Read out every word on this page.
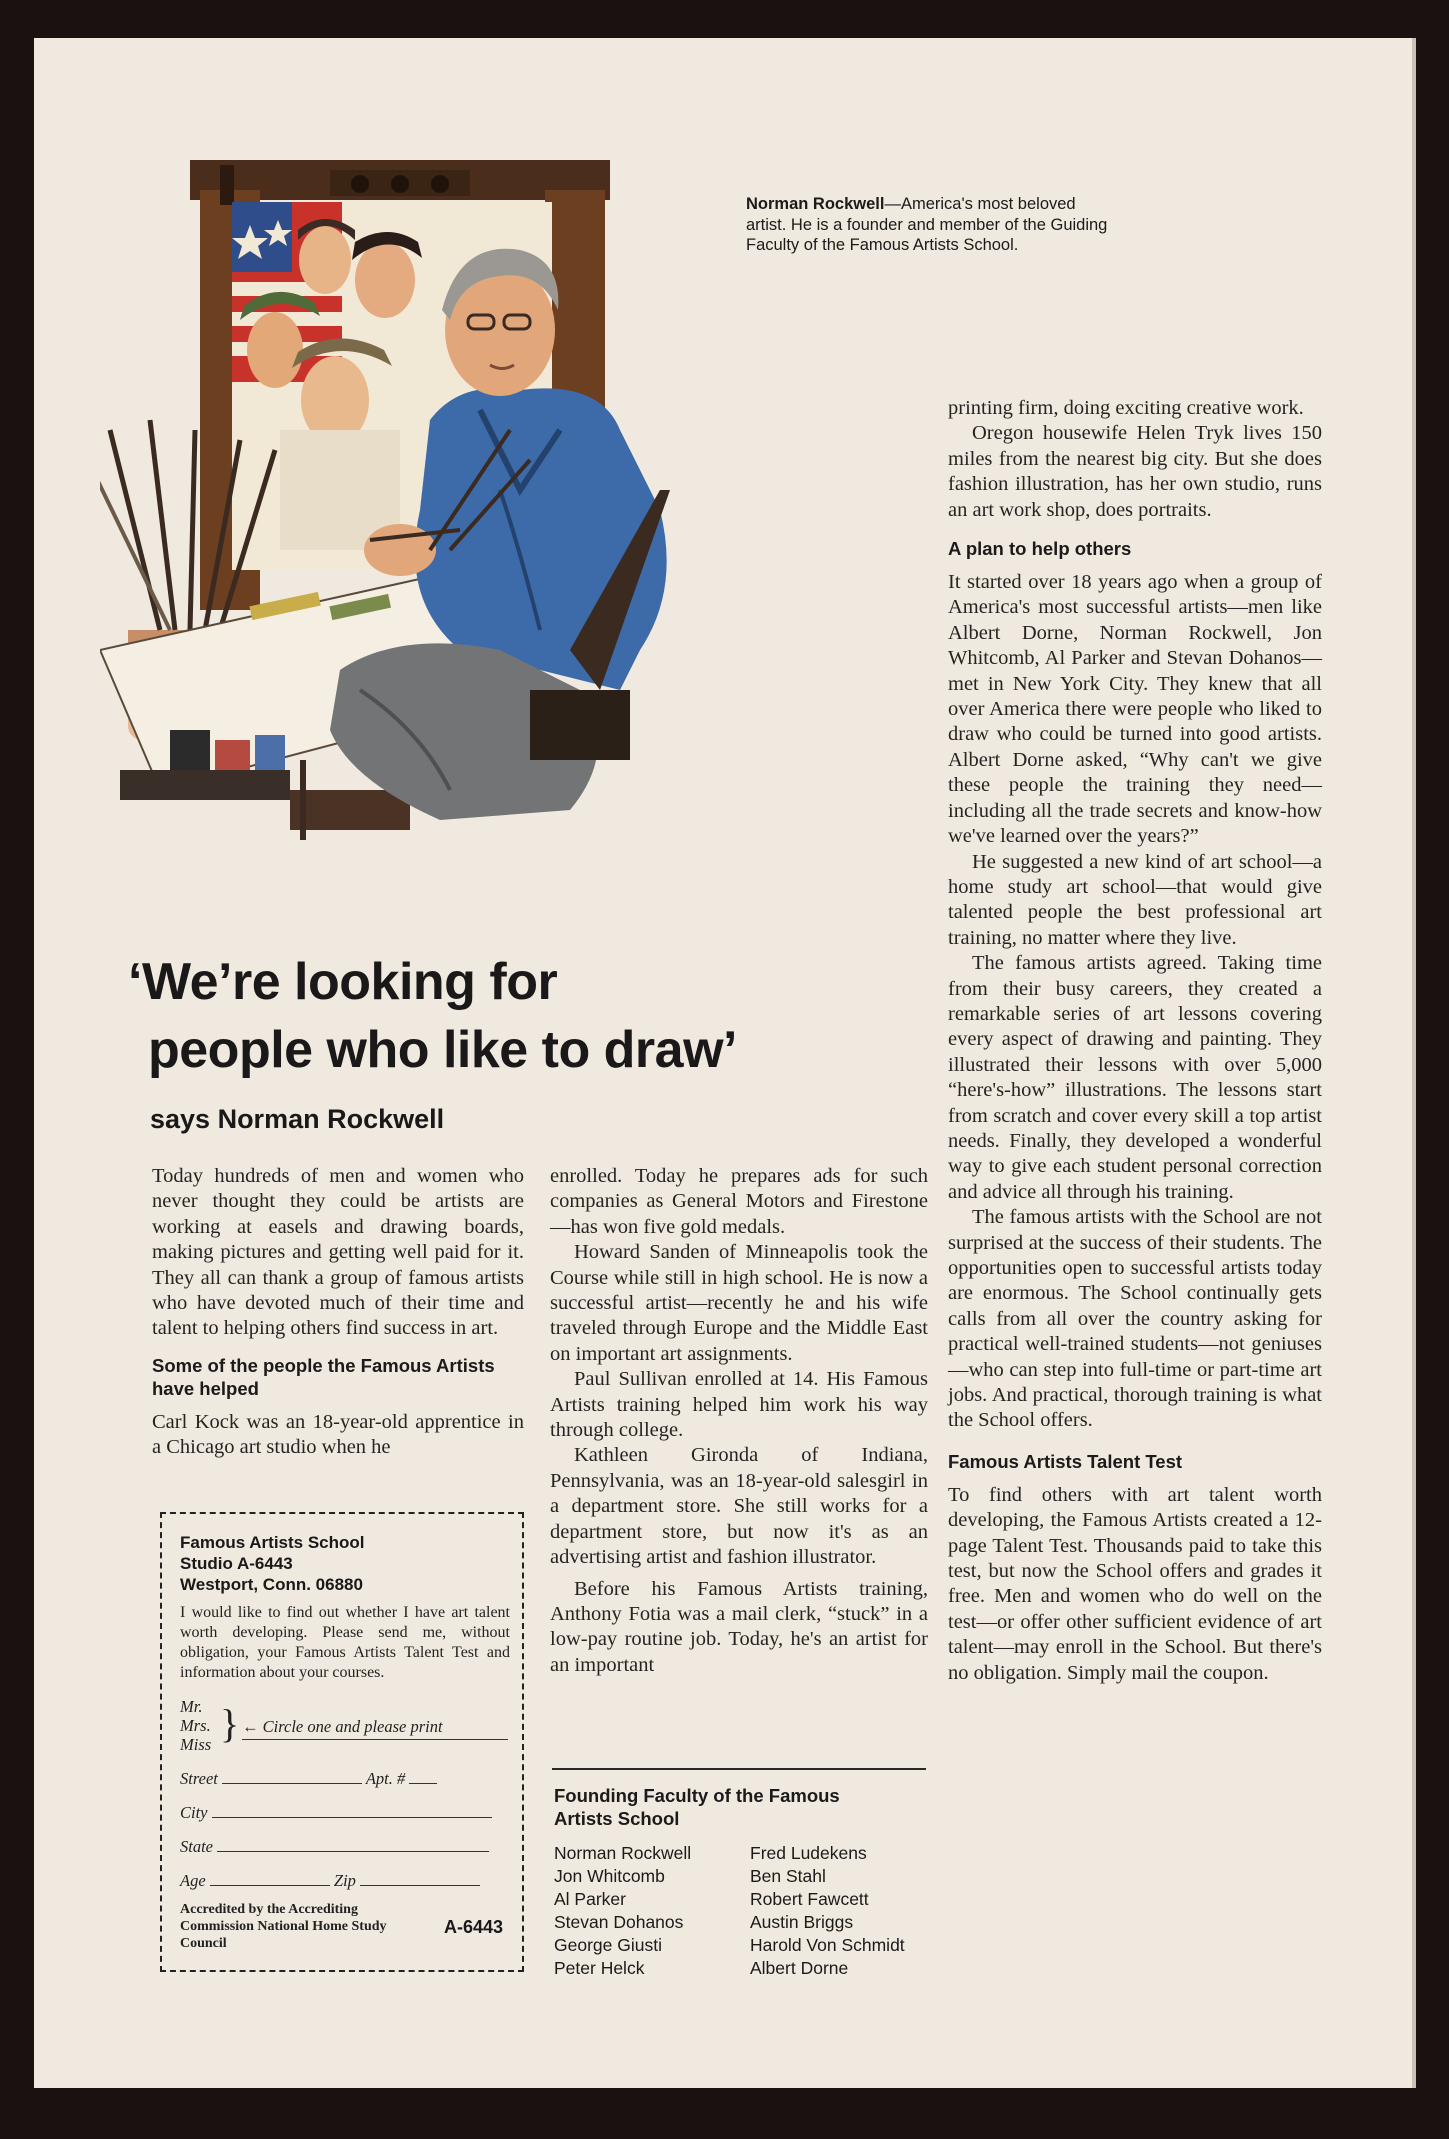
Norman Rockwell—America's most beloved artist. He is a founder and member of the Guiding Faculty of the Famous Artists School.
‘We’re looking for
people who like to draw’
says Norman Rockwell

Today hundreds of men and women who never thought they could be artists are working at easels and drawing boards, making pictures and getting well paid for it. They all can thank a group of famous artists who have devoted much of their time and talent to helping others find success in art.

Some of the people the Famous Artists have helped

Carl Kock was an 18-year-old apprentice in a Chicago art studio when he

Famous Artists School
Studio A-6443
Westport, Conn. 06880
I would like to find out whether I have art talent worth developing. Please send me, without obligation, your Famous Artists Talent Test and information about your courses.
Mr.
Mrs.
Miss } ← Circle one and please print
Street	Apt. #
City
State
Age	Zip
Accredited by the Accrediting Commission National Home Study Council
A-6443

enrolled. Today he prepares ads for such companies as General Motors and Firestone—has won five gold medals.

Howard Sanden of Minneapolis took the Course while still in high school. He is now a successful artist—recently he and his wife traveled through Europe and the Middle East on important art assignments.

Paul Sullivan enrolled at 14. His Famous Artists training helped him work his way through college.

Kathleen Gironda of Indiana, Pennsylvania, was an 18-year-old salesgirl in a department store. She still works for a department store, but now it's as an advertising artist and fashion illustrator.

Before his Famous Artists training, Anthony Fotia was a mail clerk, “stuck” in a low-pay routine job. Today, he's an artist for an important

Founding Faculty of the Famous Artists School
Norman Rockwell
Jon Whitcomb
Al Parker
Stevan Dohanos
George Giusti
Peter Helck
Fred Ludekens
Ben Stahl
Robert Fawcett
Austin Briggs
Harold Von Schmidt
Albert Dorne

printing firm, doing exciting creative work.

Oregon housewife Helen Tryk lives 150 miles from the nearest big city. But she does fashion illustration, has her own studio, runs an art work shop, does portraits.

A plan to help others

It started over 18 years ago when a group of America's most successful artists—men like Albert Dorne, Norman Rockwell, Jon Whitcomb, Al Parker and Stevan Dohanos—met in New York City. They knew that all over America there were people who liked to draw who could be turned into good artists. Albert Dorne asked, “Why can't we give these people the training they need—including all the trade secrets and know-how we've learned over the years?”

He suggested a new kind of art school—a home study art school—that would give talented people the best professional art training, no matter where they live.

The famous artists agreed. Taking time from their busy careers, they created a remarkable series of art lessons covering every aspect of drawing and painting. They illustrated their lessons with over 5,000 “here's-how” illustrations. The lessons start from scratch and cover every skill a top artist needs. Finally, they developed a wonderful way to give each student personal correction and advice all through his training.

The famous artists with the School are not surprised at the success of their students. The opportunities open to successful artists today are enormous. The School continually gets calls from all over the country asking for practical well-trained students—not geniuses—who can step into full-time or part-time art jobs. And practical, thorough training is what the School offers.

Famous Artists Talent Test

To find others with art talent worth developing, the Famous Artists created a 12-page Talent Test. Thousands paid to take this test, but now the School offers and grades it free. Men and women who do well on the test—or offer other sufficient evidence of art talent—may enroll in the School. But there's no obligation. Simply mail the coupon.
